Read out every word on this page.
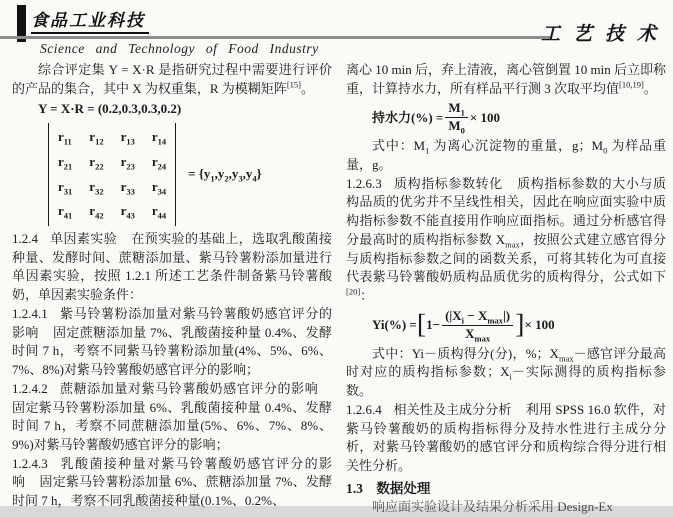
食品工业科技
Science and Technology of Food Industry
工艺技术

综合评定集 Y = X·R 是指研究过程中需要进行评价的产品的集合，其中 X 为权重集，R 为模糊矩阵[15]。

Y = X·R = (0.2,0.3,0.3,0.2)

$r_{11}$ $r_{12}$ $r_{13}$ $r_{14}$
$r_{21}$ $r_{22}$ $r_{23}$ $r_{24}$
$r_{31}$ $r_{32}$ $r_{33}$ $r_{34}$
$r_{41}$ $r_{42}$ $r_{43}$ $r_{44}$
= $\{y_1,y_2,y_3,y_4\}$

1.2.4 单因素实验 在预实验的基础上，选取乳酸菌接种量、发酵时间、蔗糖添加量、紫马铃薯粉添加量进行单因素实验，按照 1.2.1 所述工艺条件制备紫马铃薯酸奶，单因素实验条件：

1.2.4.1 紫马铃薯粉添加量对紫马铃薯酸奶感官评分的影响 固定蔗糖添加量 7%、乳酸菌接种量 0.4%、发酵时间 7 h，考察不同紫马铃薯粉添加量(4%、5%、6%、7%、8%)对紫马铃薯酸奶感官评分的影响；

1.2.4.2 蔗糖添加量对紫马铃薯酸奶感官评分的影响固定紫马铃薯粉添加量 6%、乳酸菌接种量 0.4%、发酵时间 7 h，考察不同蔗糖添加量(5%、6%、7%、8%、9%)对紫马铃薯酸奶感官评分的影响；

1.2.4.3 乳酸菌接种量对紫马铃薯酸奶感官评分的影响 固定紫马铃薯粉添加量 6%、蔗糖添加量 7%、发酵时间 7 h，考察不同乳酸菌接种量(0.1%、0.2%、

离心 10 min 后，弃上清液，离心管倒置 10 min 后立即称重，计算持水力，所有样品平行测 3 次取平均值[10,19]。

持水力(%) = $\frac{M_1}{M_0} \times 100$

式中：$M_1$ 为离心沉淀物的重量，g；$M_0$ 为样品重量，g。

1.2.6.3 质构指标参数转化 质构指标参数的大小与质构品质的优劣并不呈线性相关，因此在响应面实验中质构指标参数不能直接用作响应面指标。通过分析感官得分最高时的质构指标参数 $X_{max}$，按照公式建立感官得分与质构指标参数之间的函数关系，可将其转化为可直接代表紫马铃薯酸奶质构品质优劣的质构得分，公式如下[20]：

Yi(%) = [ $1- \frac{(|X_i - X_{max}|)}{X_{max}}$ ] × 100

式中：Yi－质构得分(分)，%；$X_{max}-$感官评分最高时对应的质构指标参数；$X_i-$实际测得的质构指标参数。

1.2.6.4 相关性及主成分分析 利用 SPSS 16.0 软件，对紫马铃薯酸奶的质构指标得分及持水性进行主成分分析，对紫马铃薯酸奶的感官评分和质构综合得分进行相关性分析。

1.3 数据处理

响应面实验设计及结果分析采用 Design-Ex
